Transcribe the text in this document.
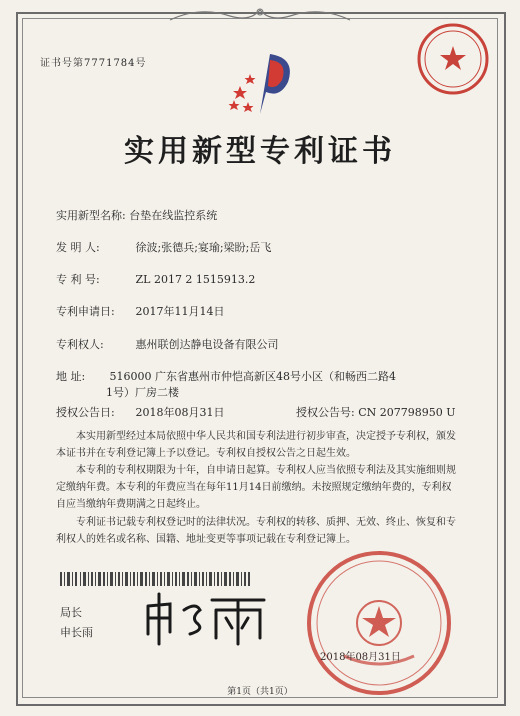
证书号第7771784号
实用新型专利证书
实用新型名称: 台垫在线监控系统
发 明 人:	徐波;张德兵;宴瑜;梁盼;岳飞
专 利 号:	ZL 2017 2 1515913.2
专利申请日: 2017年11月14日
专利权人:	惠州联创达静电设备有限公司
地 址: 516000 广东省惠州市仲恺高新区48号小区（和畅西二路4
1号）厂房二楼
授权公告日: 2018年08月31日	授权公告号: CN 207798950 U
本实用新型经过本局依照中华人民共和国专利法进行初步审查，决定授予专利权，颁发本证书并在专利登记簿上予以登记。专利权自授权公告之日起生效。
本专利的专利权期限为十年，自申请日起算。专利权人应当依照专利法及其实施细则规定缴纳年费。本专利的年费应当在每年11月14日前缴纳。未按照规定缴纳年费的，专利权自应当缴纳年费期满之日起终止。
专利证书记载专利权登记时的法律状况。专利权的转移、质押、无效、终止、恢复和专利权人的姓名或名称、国籍、地址变更等事项记载在专利登记簿上。
局长
申长雨
2018年08月31日
第1页（共1页）
